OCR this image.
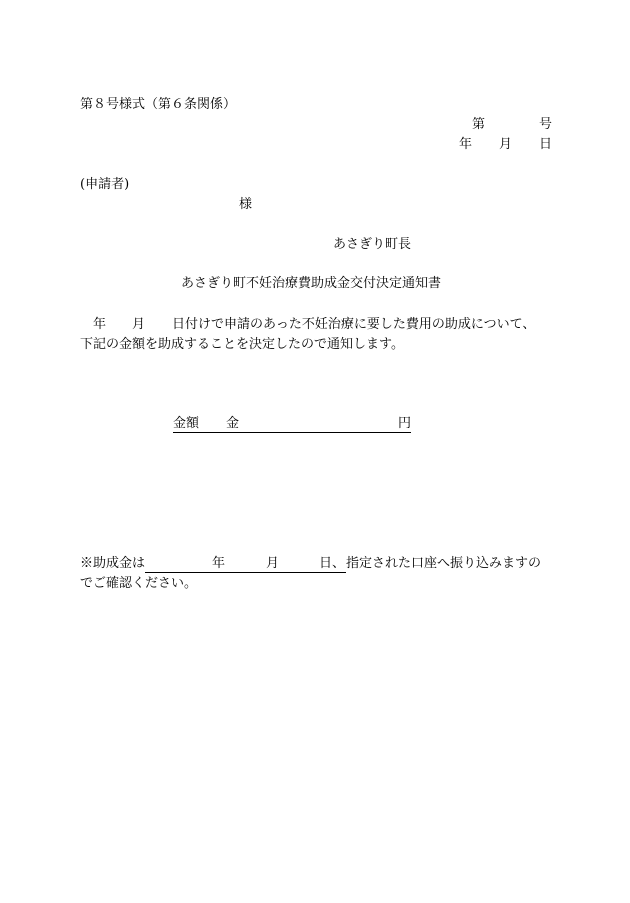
第８号様式（第６条関係）
第	号
年 月 日
(申請者)
様
あさぎり町長
あさぎり町不妊治療費助成金交付決定通知書
年 月 日付けで申請のあった不妊治療に要した費用の助成について、
下記の金額を助成することを決定したので通知します。
金額 金	円
※助成金は	年	月	日、 指定された口座へ振り込みますの
でご確認ください。
